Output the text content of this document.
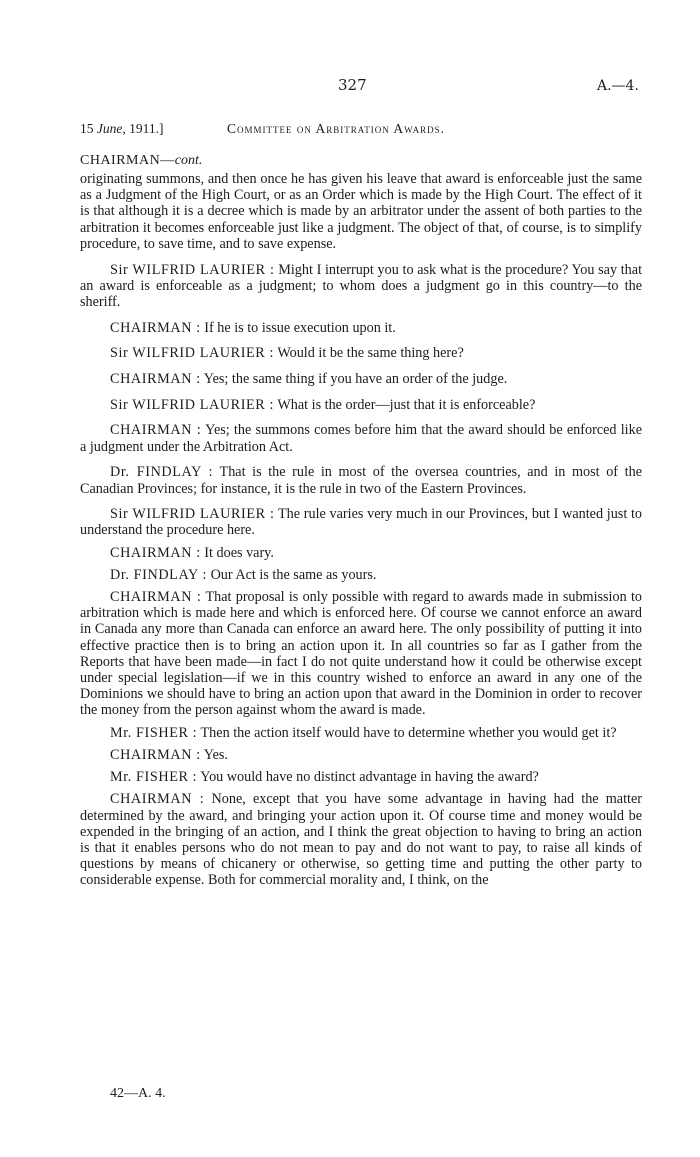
327	A.—4.
15 June, 1911.]	Committee on Arbitration Awards.
CHAIRMAN—cont.

originating summons, and then once he has given his leave that award is enforceable just the same as a Judgment of the High Court, or as an Order which is made by the High Court. The effect of it is that although it is a decree which is made by an arbitrator under the assent of both parties to the arbitration it becomes enforceable just like a judgment. The object of that, of course, is to simplify procedure, to save time, and to save expense.

Sir WILFRID LAURIER : Might I interrupt you to ask what is the procedure? You say that an award is enforceable as a judgment; to whom does a judgment go in this country—to the sheriff.

CHAIRMAN : If he is to issue execution upon it.

Sir WILFRID LAURIER : Would it be the same thing here?

CHAIRMAN : Yes; the same thing if you have an order of the judge.

Sir WILFRID LAURIER : What is the order—just that it is enforceable?

CHAIRMAN : Yes; the summons comes before him that the award should be enforced like a judgment under the Arbitration Act.

Dr. FINDLAY : That is the rule in most of the oversea countries, and in most of the Canadian Provinces; for instance, it is the rule in two of the Eastern Provinces.

Sir WILFRID LAURIER : The rule varies very much in our Provinces, but I wanted just to understand the procedure here.

CHAIRMAN : It does vary.

Dr. FINDLAY : Our Act is the same as yours.

CHAIRMAN : That proposal is only possible with regard to awards made in submission to arbitration which is made here and which is enforced here. Of course we cannot enforce an award in Canada any more than Canada can enforce an award here. The only possibility of putting it into effective practice then is to bring an action upon it. In all countries so far as I gather from the Reports that have been made—in fact I do not quite understand how it could be otherwise except under special legislation—if we in this country wished to enforce an award in any one of the Dominions we should have to bring an action upon that award in the Dominion in order to recover the money from the person against whom the award is made.

Mr. FISHER : Then the action itself would have to determine whether you would get it?

CHAIRMAN : Yes.

Mr. FISHER : You would have no distinct advantage in having the award?

CHAIRMAN : None, except that you have some advantage in having had the matter determined by the award, and bringing your action upon it. Of course time and money would be expended in the bringing of an action, and I think the great objection to having to bring an action is that it enables persons who do not mean to pay and do not want to pay, to raise all kinds of questions by means of chicanery or otherwise, so getting time and putting the other party to considerable expense. Both for commercial morality and, I think, on the

42—A. 4.
